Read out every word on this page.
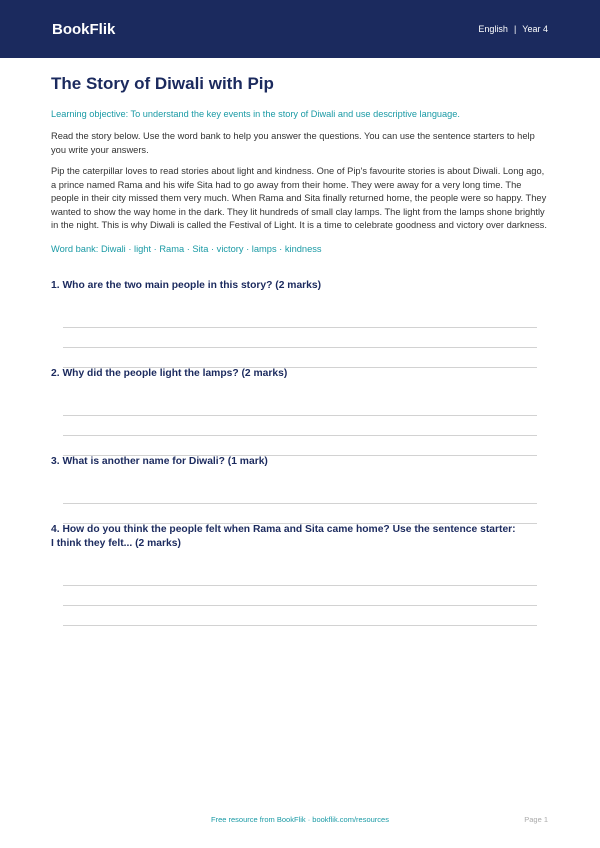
BookFlik	English | Year 4
The Story of Diwali with Pip

Learning objective: To understand the key events in the story of Diwali and use descriptive language.

Read the story below. Use the word bank to help you answer the questions. You can use the sentence starters to help you write your answers.

Pip the caterpillar loves to read stories about light and kindness. One of Pip's favourite stories is about Diwali. Long ago, a prince named Rama and his wife Sita had to go away from their home. They were away for a very long time. The people in their city missed them very much. When Rama and Sita finally returned home, the people were so happy. They wanted to show the way home in the dark. They lit hundreds of small clay lamps. The light from the lamps shone brightly in the night. This is why Diwali is called the Festival of Light. It is a time to celebrate goodness and victory over darkness.

Word bank: Diwali · light · Rama · Sita · victory · lamps · kindness

1. Who are the two main people in this story? (2 marks)
2. Why did the people light the lamps? (2 marks)
3. What is another name for Diwali? (1 mark)
4. How do you think the people felt when Rama and Sita came home? Use the sentence starter: I think they felt... (2 marks)
Free resource from BookFlik · bookflik.com/resources	Page 1
